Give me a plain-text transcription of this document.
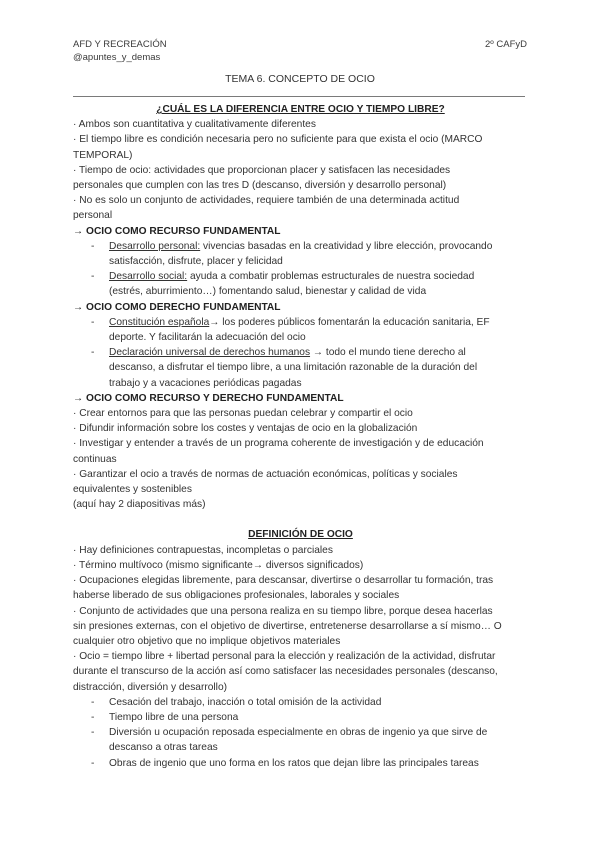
AFD Y RECREACIÓN
@apuntes_y_demas
2º CAFyD
TEMA 6. CONCEPTO DE OCIO
¿CUÁL ES LA DIFERENCIA ENTRE OCIO Y TIEMPO LIBRE?
· Ambos son cuantitativa y cualitativamente diferentes
· El tiempo libre es condición necesaria pero no suficiente para que exista el ocio (MARCO
TEMPORAL)
· Tiempo de ocio: actividades que proporcionan placer y satisfacen las necesidades
personales que cumplen con las tres D (descanso, diversión y desarrollo personal)
· No es solo un conjunto de actividades, requiere también de una determinada actitud
personal
→ OCIO COMO RECURSO FUNDAMENTAL
- Desarrollo personal: vivencias basadas en la creatividad y libre elección, provocando
satisfacción, disfrute, placer y felicidad
- Desarrollo social: ayuda a combatir problemas estructurales de nuestra sociedad
(estrés, aburrimiento…) fomentando salud, bienestar y calidad de vida
→ OCIO COMO DERECHO FUNDAMENTAL
- Constitución española→ los poderes públicos fomentarán la educación sanitaria, EF
deporte. Y facilitarán la adecuación del ocio
- Declaración universal de derechos humanos → todo el mundo tiene derecho al
descanso, a disfrutar el tiempo libre, a una limitación razonable de la duración del
trabajo y a vacaciones periódicas pagadas
→ OCIO COMO RECURSO Y DERECHO FUNDAMENTAL
· Crear entornos para que las personas puedan celebrar y compartir el ocio
· Difundir información sobre los costes y ventajas de ocio en la globalización
· Investigar y entender a través de un programa coherente de investigación y de educación
continuas
· Garantizar el ocio a través de normas de actuación económicas, políticas y sociales
equivalentes y sostenibles
(aquí hay 2 diapositivas más)
DEFINICIÓN DE OCIO
· Hay definiciones contrapuestas, incompletas o parciales
· Término multívoco (mismo significante→ diversos significados)
· Ocupaciones elegidas libremente, para descansar, divertirse o desarrollar tu formación, tras
haberse liberado de sus obligaciones profesionales, laborales y sociales
· Conjunto de actividades que una persona realiza en su tiempo libre, porque desea hacerlas
sin presiones externas, con el objetivo de divertirse, entretenerse desarrollarse a sí mismo… O
cualquier otro objetivo que no implique objetivos materiales
· Ocio = tiempo libre + libertad personal para la elección y realización de la actividad, disfrutar
durante el transcurso de la acción así como satisfacer las necesidades personales (descanso,
distracción, diversión y desarrollo)
- Cesación del trabajo, inacción o total omisión de la actividad
- Tiempo libre de una persona
- Diversión u ocupación reposada especialmente en obras de ingenio ya que sirve de
descanso a otras tareas
- Obras de ingenio que uno forma en los ratos que dejan libre las principales tareas
